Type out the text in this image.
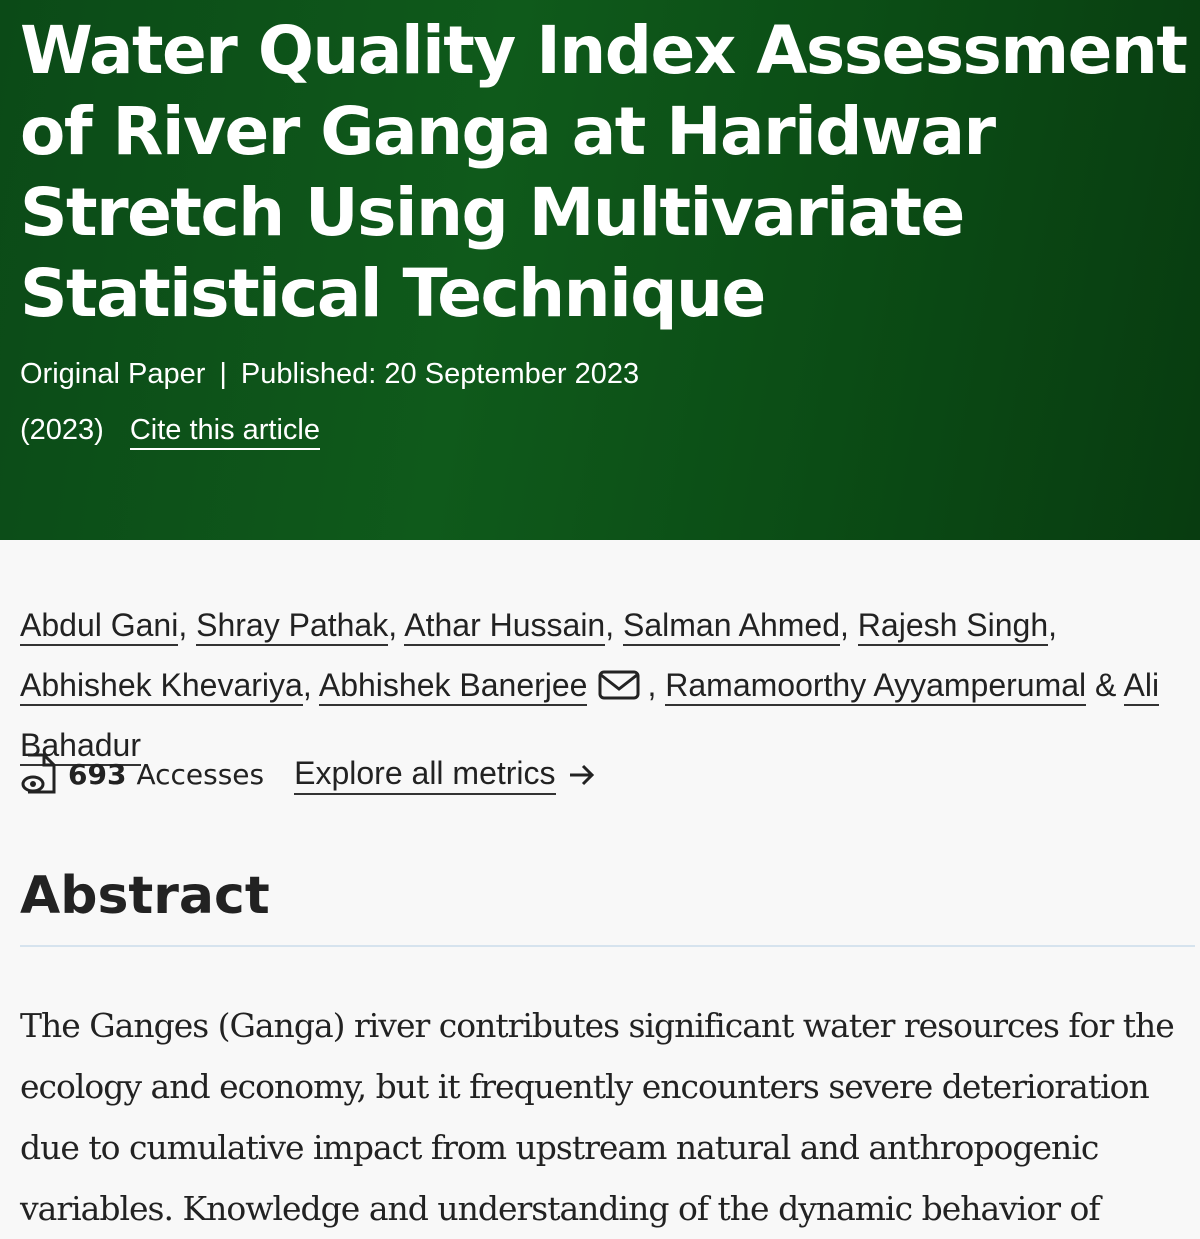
Water Quality Index Assessment of River Ganga at Haridwar Stretch Using Multivariate Statistical Technique
Original Paper | Published: 20 September 2023
(2023) Cite this article
Abdul Gani, Shray Pathak, Athar Hussain, Salman Ahmed, Rajesh Singh, Abhishek Khevariya, Abhishek Banerjee , Ramamoorthy Ayyamperumal & Ali Bahadur
693 Accesses Explore all metrics
Abstract

The Ganges (Ganga) river contributes significant water resources for the ecology and economy, but it frequently encounters severe deterioration due to cumulative impact from upstream natural and anthropogenic variables. Knowledge and understanding of the dynamic behavior of
